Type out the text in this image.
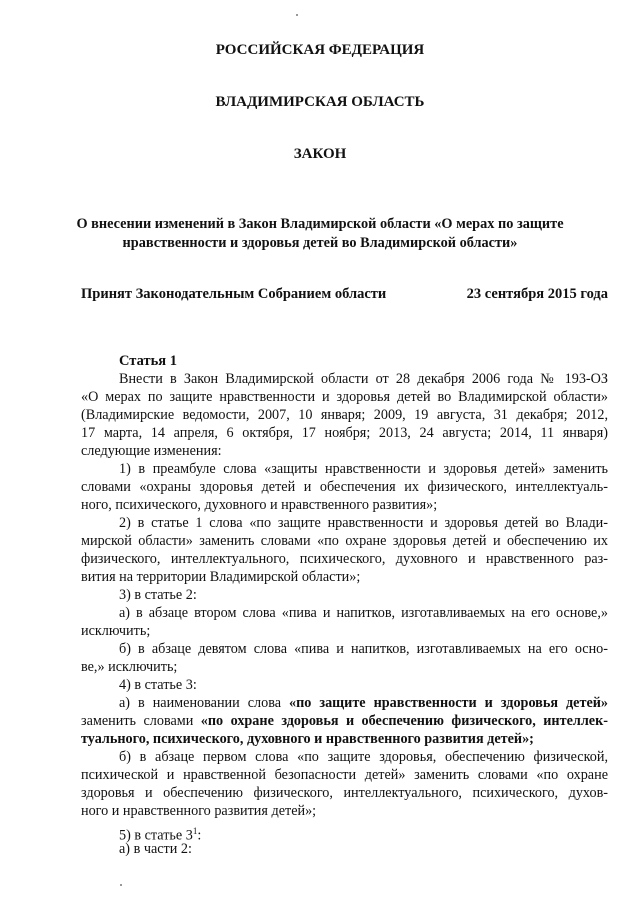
РОССИЙСКАЯ ФЕДЕРАЦИЯ
ВЛАДИМИРСКАЯ ОБЛАСТЬ
ЗАКОН
О внесении изменений в Закон Владимирской области «О мерах по защите
нравственности и здоровья детей во Владимирской области»
Принят Законодательным Собранием области	23 сентября 2015 года
Статья 1
Внести в Закон Владимирской области от 28 декабря 2006 года № 193-ОЗ
«О мерах по защите нравственности и здоровья детей во Владимирской области»
(Владимирские ведомости, 2007, 10 января; 2009, 19 августа, 31 декабря; 2012,
17 марта, 14 апреля, 6 октября, 17 ноября; 2013, 24 августа; 2014, 11 января)
следующие изменения:
1) в преамбуле слова «защиты нравственности и здоровья детей» заменить
словами «охраны здоровья детей и обеспечения их физического, интеллектуаль-
ного, психического, духовного и нравственного развития»;
2) в статье 1 слова «по защите нравственности и здоровья детей во Влади-
мирской области» заменить словами «по охране здоровья детей и обеспечению их
физического, интеллектуального, психического, духовного и нравственного раз-
вития на территории Владимирской области»;
3) в статье 2:
а) в абзаце втором слова «пива и напитков, изготавливаемых на его основе,»
исключить;
б) в абзаце девятом слова «пива и напитков, изготавливаемых на его осно-
ве,» исключить;
4) в статье 3:
а) в наименовании слова «по защите нравственности и здоровья детей»
заменить словами «по охране здоровья и обеспечению физического, интеллек-
туального, психического, духовного и нравственного развития детей»;
б) в абзаце первом слова «по защите здоровья, обеспечению физической,
психической и нравственной безопасности детей» заменить словами «по охране
здоровья и обеспечению физического, интеллектуального, психического, духов-
ного и нравственного развития детей»;
5) в статье $3^1$:
а) в части 2:
